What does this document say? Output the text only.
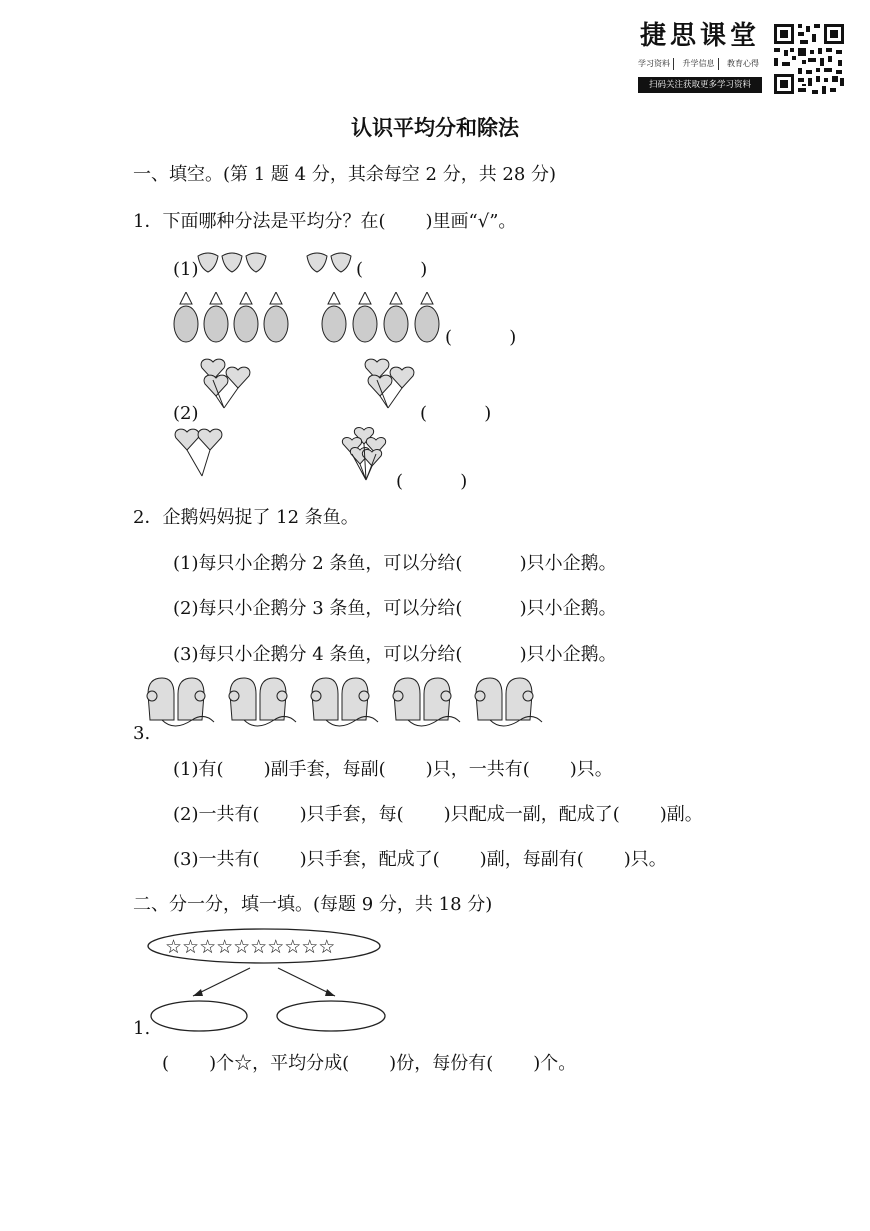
捷思课堂
学习资料	升学信息	教育心得
扫码关注获取更多学习资料
认识平均分和除法
一、填空。(第 1 题 4 分，其余每空 2 分，共 28 分)
1．下面哪种分法是平均分？在(       )里画“√”。
(1)	(          )
(          )
(2)	(          )
(          )
2．企鹅妈妈捉了 12 条鱼。
(1)每只小企鹅分 2 条鱼，可以分给(          )只小企鹅。
(2)每只小企鹅分 3 条鱼，可以分给(          )只小企鹅。
(3)每只小企鹅分 4 条鱼，可以分给(          )只小企鹅。
3.
(1)有(       )副手套，每副(       )只，一共有(       )只。
(2)一共有(       )只手套，每(       )只配成一副，配成了(       )副。
(3)一共有(       )只手套，配成了(       )副，每副有(       )只。
二、分一分，填一填。(每题 9 分，共 18 分)
☆☆☆☆☆☆☆☆☆☆
1.
(       )个☆，平均分成(       )份，每份有(       )个。
